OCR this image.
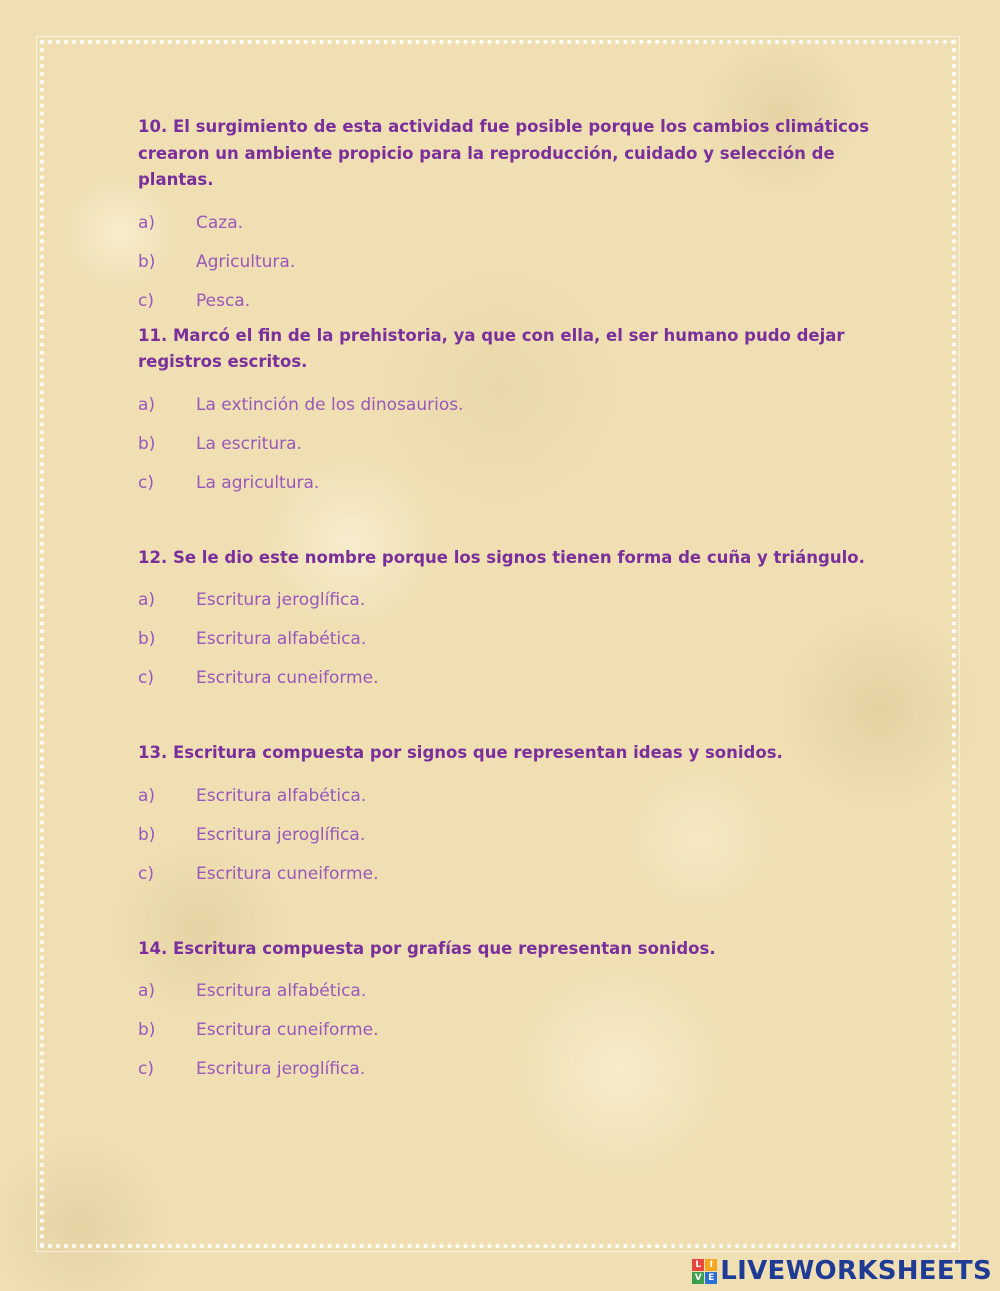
10. El surgimiento de esta actividad fue posible porque los cambios climáticos crearon un ambiente propicio para la reproducción, cuidado y selección de plantas.

a)	Caza.
b)	Agricultura.
c)	Pesca.

11. Marcó el fin de la prehistoria, ya que con ella, el ser humano pudo dejar registros escritos.

a)	La extinción de los dinosaurios.
b)	La escritura.
c)	La agricultura.

12. Se le dio este nombre porque los signos tienen forma de cuña y triángulo.

a)	Escritura jeroglífica.
b)	Escritura alfabética.
c)	Escritura cuneiforme.

13. Escritura compuesta por signos que representan ideas y sonidos.

a)	Escritura alfabética.
b)	Escritura jeroglífica.
c)	Escritura cuneiforme.

14. Escritura compuesta por grafías que representan sonidos.

a)	Escritura alfabética.
b)	Escritura cuneiforme.
c)	Escritura jeroglífica.
L I
V E LIVEWORKSHEETS
